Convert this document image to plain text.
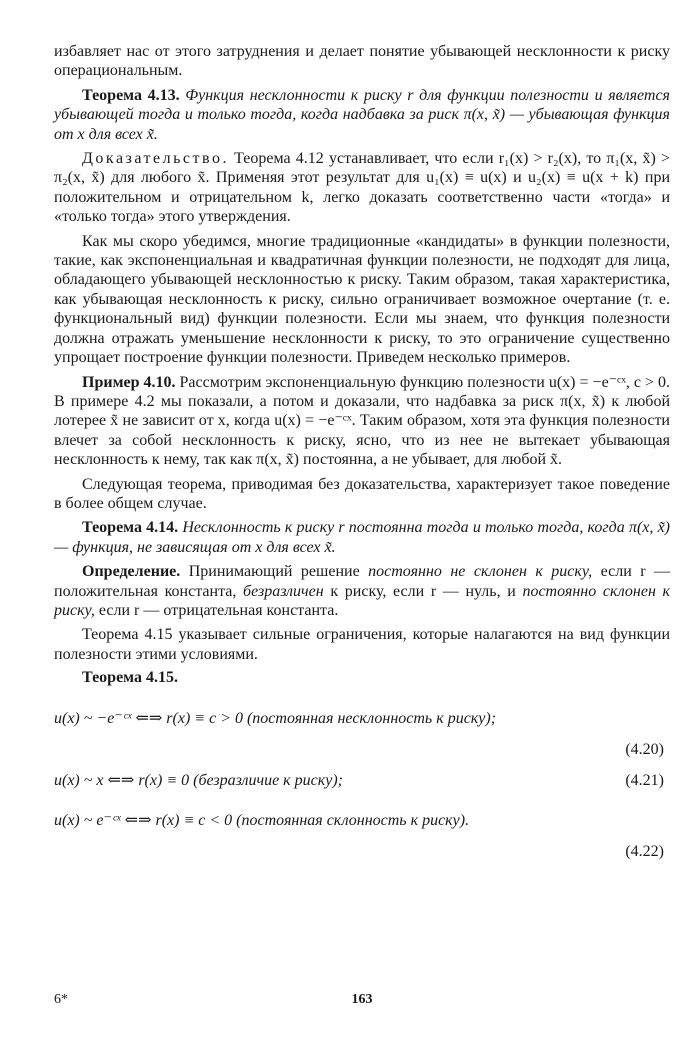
избавляет нас от этого затруднения и делает понятие убывающей несклонности к риску операциональным.

Теорема 4.13. Функция несклонности к риску r для функции полезности и является убывающей тогда и только тогда, когда надбавка за риск π(x, x̃) — убывающая функция от x для всех x̃.

Доказательство. Теорема 4.12 устанавливает, что если r₁(x) > r₂(x), то π₁(x, x̃) > π₂(x, x̃) для любого x̃. Применяя этот результат для u₁(x) ≡ u(x) и u₂(x) ≡ u(x + k) при положительном и отрицательном k, легко доказать соответственно части «тогда» и «только тогда» этого утверждения.

Как мы скоро убедимся, многие традиционные «кандидаты» в функции полезности, такие, как экспоненциальная и квадратичная функции полезности, не подходят для лица, обладающего убывающей несклонностью к риску. Таким образом, такая характеристика, как убывающая несклонность к риску, сильно ограничивает возможное очертание (т. е. функциональный вид) функции полезности. Если мы знаем, что функция полезности должна отражать уменьшение несклонности к риску, то это ограничение существенно упрощает построение функции полезности. Приведем несколько примеров.

Пример 4.10. Рассмотрим экспоненциальную функцию полезности u(x) = −e⁻ᶜˣ, c > 0. В примере 4.2 мы показали, а потом и доказали, что надбавка за риск π(x, x̃) к любой лотерее x̃ не зависит от x, когда u(x) = −e⁻ᶜˣ. Таким образом, хотя эта функция полезности влечет за собой несклонность к риску, ясно, что из нее не вытекает убывающая несклонность к нему, так как π(x, x̃) постоянна, а не убывает, для любой x̃.

Следующая теорема, приводимая без доказательства, характеризует такое поведение в более общем случае.

Теорема 4.14. Несклонность к риску r постоянна тогда и только тогда, когда π(x, x̃) — функция, не зависящая от x для всех x̃.

Определение. Принимающий решение постоянно не склонен к риску, если r — положительная константа, безразличен к риску, если r — нуль, и постоянно склонен к риску, если r — отрицательная константа.

Теорема 4.15 указывает сильные ограничения, которые налагаются на вид функции полезности этими условиями.

Теорема 4.15.
u(x) ~ −e⁻ᶜˣ ⇐⇒ r(x) ≡ c > 0 (постоянная несклонность к риску);
(4.20)
u(x) ~ x ⇐⇒ r(x) ≡ 0 (безразличие к риску);	(4.21)
u(x) ~ e⁻ᶜˣ ⇐⇒ r(x) ≡ c < 0 (постоянная склонность к риску).
(4.22)
6*	163
